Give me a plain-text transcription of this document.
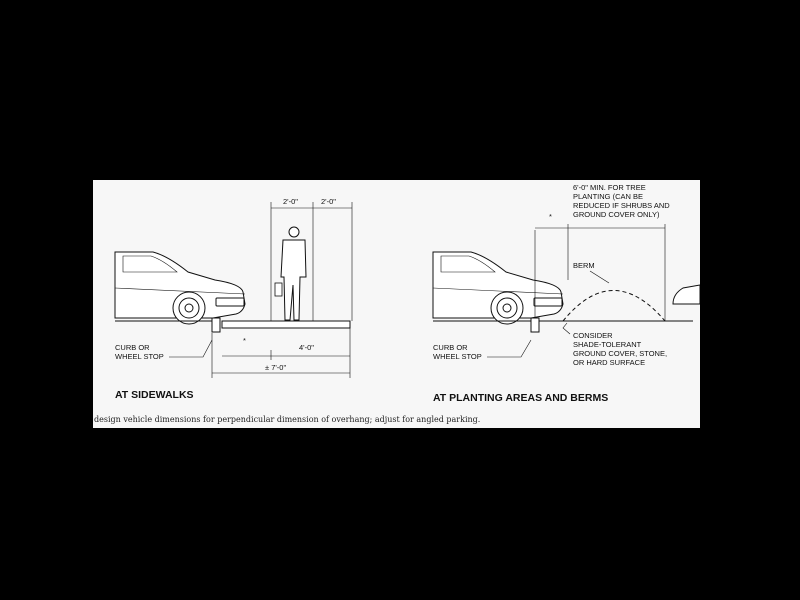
2'-0"	2'-0"
*
4'-0"
± 7'-0"
CURB OR
WHEEL STOP
AT SIDEWALKS
6'-0" MIN. FOR TREE
PLANTING (CAN BE
REDUCED IF SHRUBS AND
GROUND COVER ONLY)
*
BERM
CONSIDER
SHADE-TOLERANT
GROUND COVER, STONE,
OR HARD SURFACE
CURB OR
WHEEL STOP
AT PLANTING AREAS AND BERMS
design vehicle dimensions for perpendicular dimension of overhang; adjust for angled parking.
